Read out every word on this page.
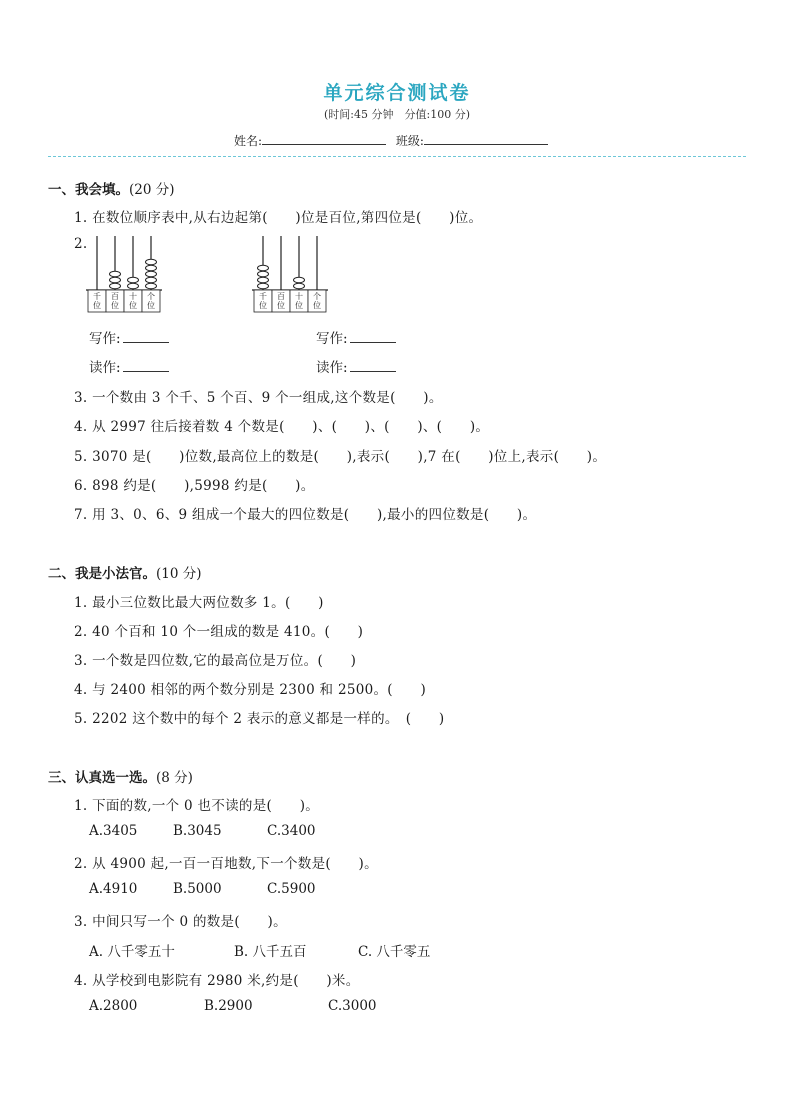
单元综合测试卷
(时间:45 分钟　分值:100 分)
姓名:	班级:
一、我会填。(20 分)
1. 在数位顺序表中,从右边起第(　　)位是百位,第四位是(　　)位。
2.
千
位
百
位
十
位
个
位
千
位
百
位
十
位
个
位
写作:
读作:
写作:
读作:
3. 一个数由 3 个千、5 个百、9 个一组成,这个数是(　　)。
4. 从 2997 往后接着数 4 个数是(　　)、(　　)、(　　)、(　　)。
5. 3070 是(　　)位数,最高位上的数是(　　),表示(　　),7 在(　　)位上,表示(　　)。
6. 898 约是(　　),5998 约是(　　)。
7. 用 3、0、6、9 组成一个最大的四位数是(　　),最小的四位数是(　　)。
二、我是小法官。(10 分)
1. 最小三位数比最大两位数多 1。(　　)
2. 40 个百和 10 个一组成的数是 410。(　　)
3. 一个数是四位数,它的最高位是万位。(　　)
4. 与 2400 相邻的两个数分别是 2300 和 2500。(　　)
5. 2202 这个数中的每个 2 表示的意义都是一样的。　(　　)
三、认真选一选。(8 分)
1. 下面的数,一个 0 也不读的是(　　)。
A.3405	B.3045	C.3400
2. 从 4900 起,一百一百地数,下一个数是(　　)。
A.4910	B.5000	C.5900
3. 中间只写一个 0 的数是(　　)。
A. 八千零五十	B. 八千五百	C. 八千零五
4. 从学校到电影院有 2980 米,约是(　　)米。
A.2800	B.2900	C.3000
